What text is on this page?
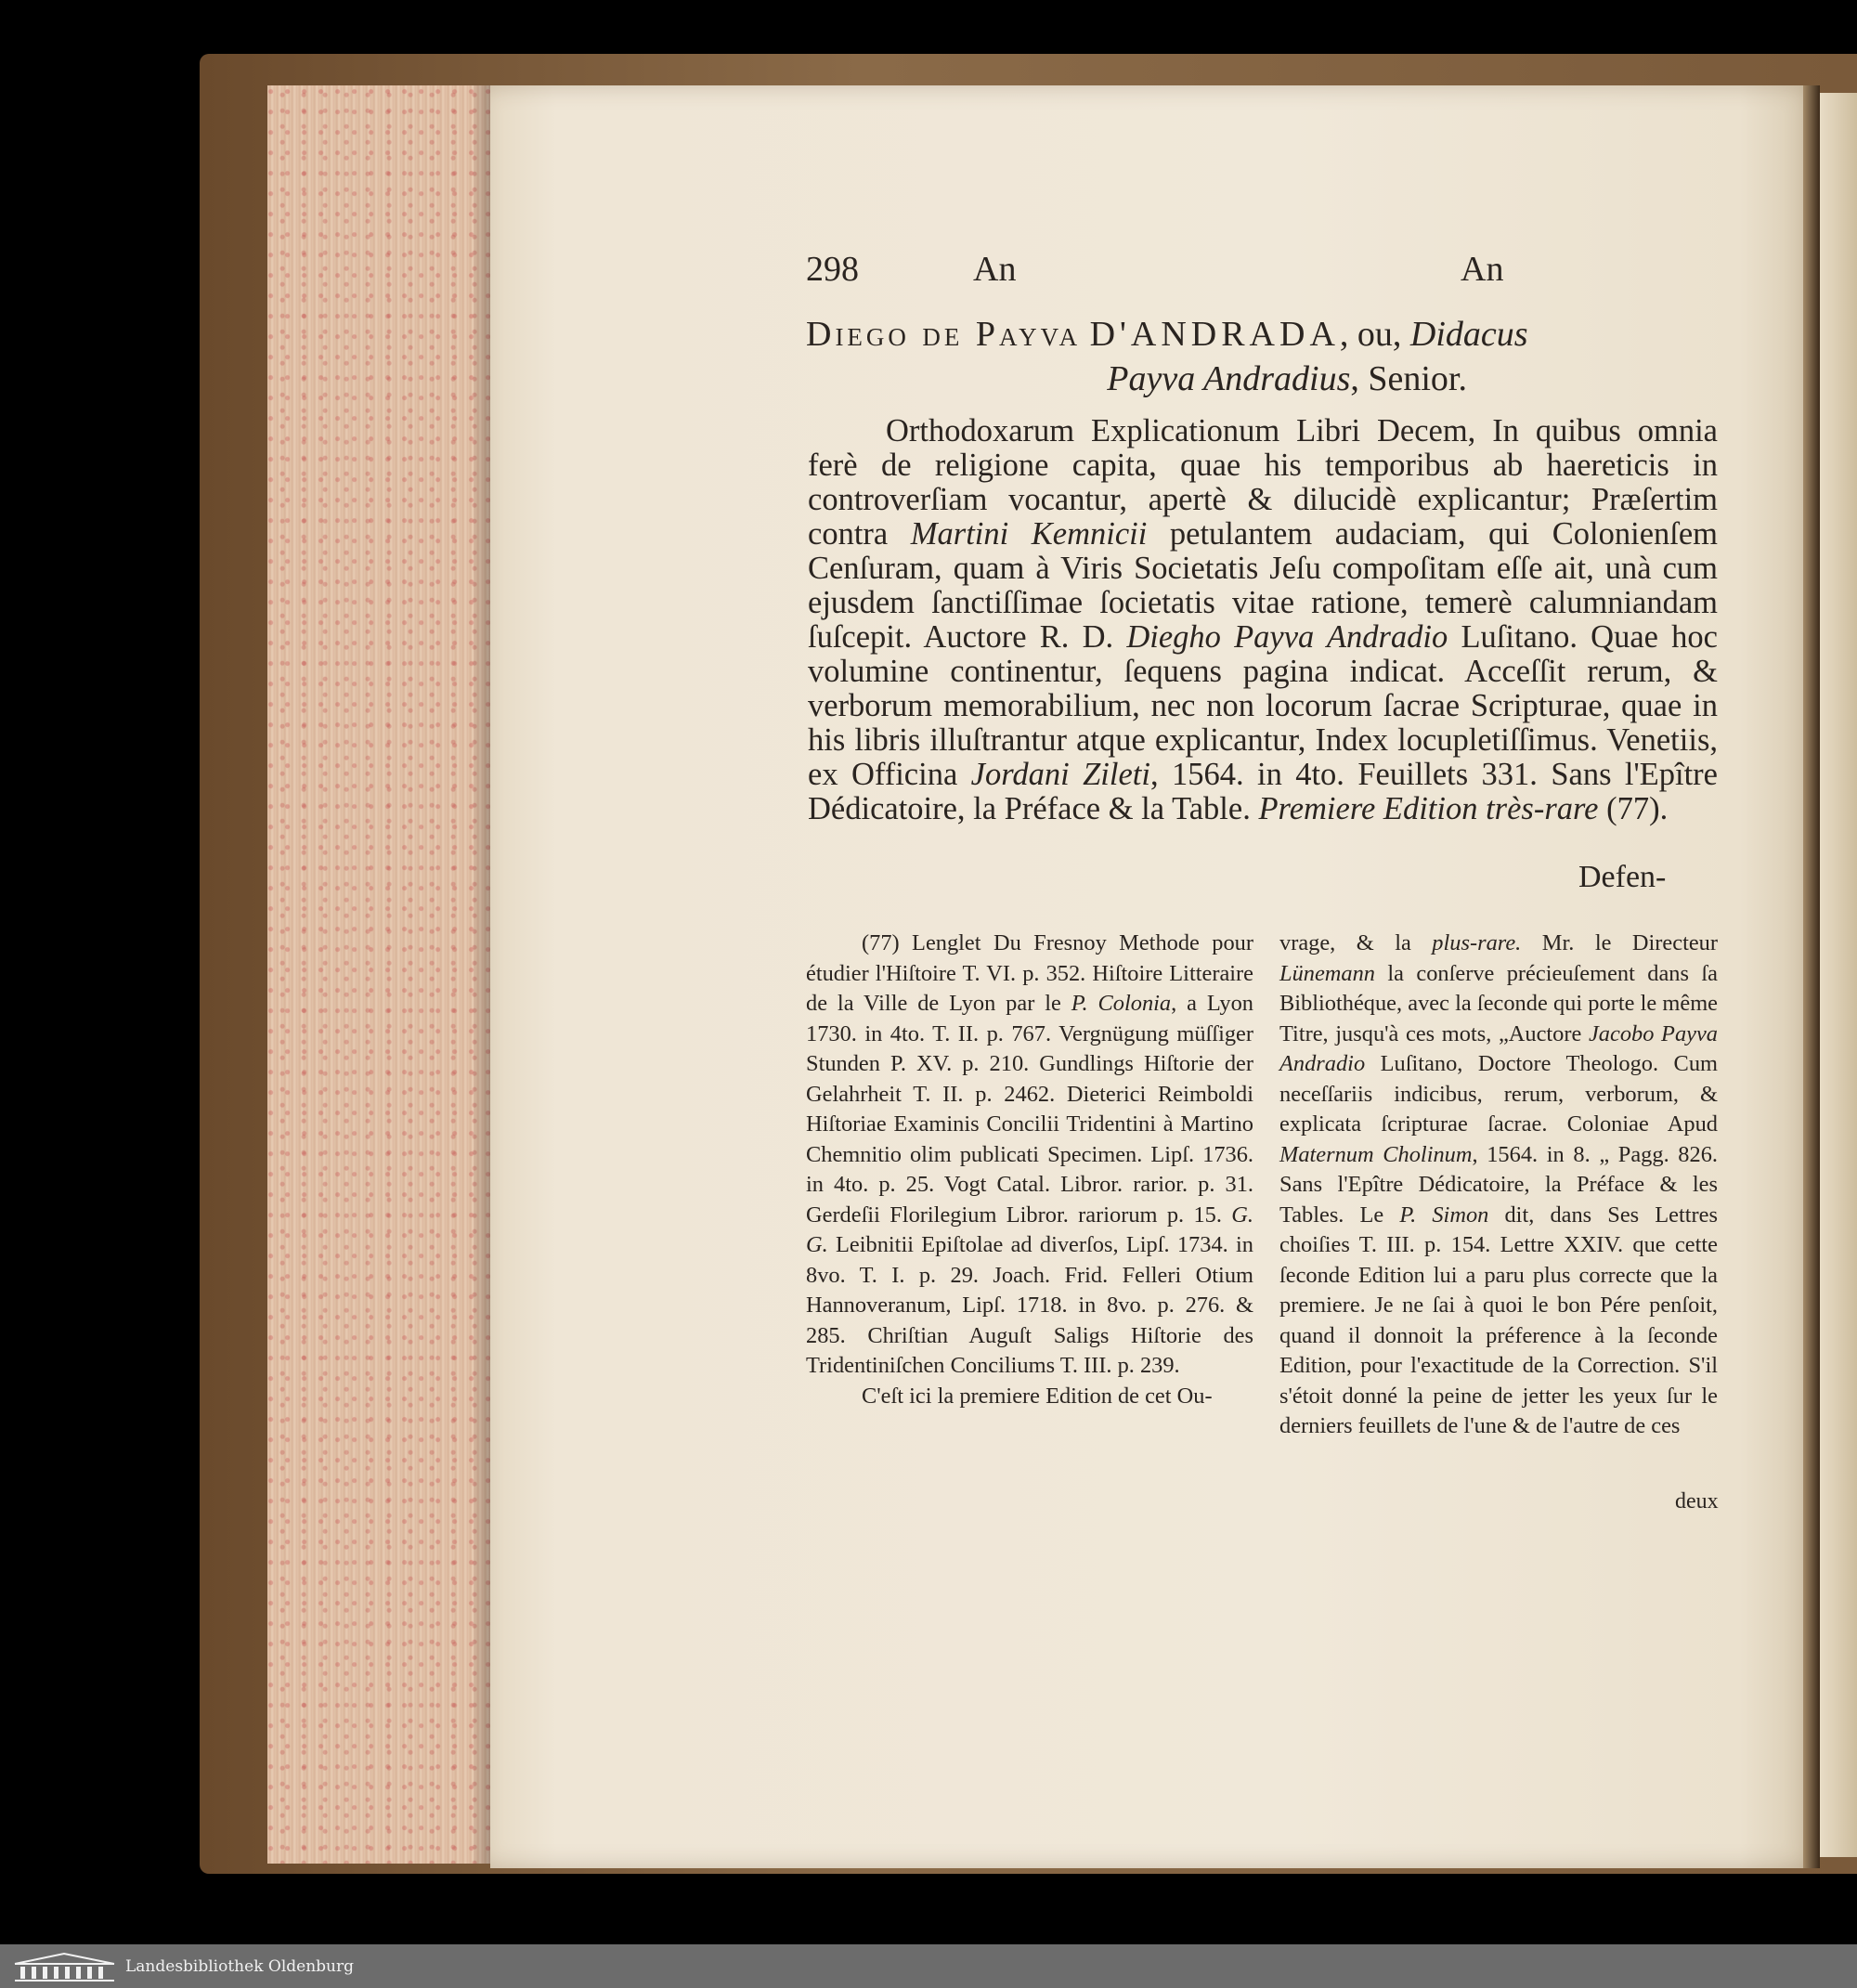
298	An	An
Diego de Payva D'ANDRADA, ou, Didacus
Payva Andradius, Senior.

Orthodoxarum Explicationum Libri Decem, In quibus omnia ferè de religione capita, quae his temporibus ab haereticis in controverſiam vocantur, apertè & dilucidè explicantur; Præſertim contra Martini Kemnicii petulantem audaciam, qui Colonienſem Cenſuram, quam à Viris Societatis Jeſu compoſitam eſſe ait, unà cum ejusdem ſanctiſſimae ſocietatis vitae ratione, temerè calumniandam ſuſcepit. Auctore R. D. Diegho Payva Andradio Luſitano. Quae hoc volumine continentur, ſequens pagina indicat. Acceſſit rerum, & verborum memorabilium, nec non locorum ſacrae Scripturae, quae in his libris illuſtrantur atque explicantur, Index locupletiſſimus. Venetiis, ex Officina Jordani Zileti, 1564. in 4to. Feuillets 331. Sans l'Epître Dédicatoire, la Préface & la Table. Premiere Edition très-rare (77).

Defen-

(77) Lenglet Du Fresnoy Methode pour étudier l'Hiſtoire T. VI. p. 352. Hiſtoire Litteraire de la Ville de Lyon par le P. Colonia, a Lyon 1730. in 4to. T. II. p. 767. Vergnügung müſſiger Stunden P. XV. p. 210. Gundlings Hiſtorie der Gelahrheit T. II. p. 2462. Dieterici Reimboldi Hiſtoriae Examinis Concilii Tridentini à Martino Chemnitio olim publicati Specimen. Lipſ. 1736. in 4to. p. 25. Vogt Catal. Libror. rarior. p. 31. Gerdeſii Florilegium Libror. rariorum p. 15. G. G. Leibnitii Epiſtolae ad diverſos, Lipſ. 1734. in 8vo. T. I. p. 29. Joach. Frid. Felleri Otium Hannoveranum, Lipſ. 1718. in 8vo. p. 276. & 285. Chriſtian Auguſt Saligs Hiſtorie des Tridentiniſchen Conciliums T. III. p. 239.

C'eſt ici la premiere Edition de cet Ou-

vrage, & la plus-rare. Mr. le Directeur Lünemann la conſerve précieuſement dans ſa Bibliothéque, avec la ſeconde qui porte le même Titre, jusqu'à ces mots, „Auctore Jacobo Payva Andradio Luſitano, Doctore Theologo. Cum neceſſariis indicibus, rerum, verborum, & explicata ſcripturae ſacrae. Coloniae Apud Maternum Cholinum, 1564. in 8. „ Pagg. 826. Sans l'Epître Dédicatoire, la Préface & les Tables. Le P. Simon dit, dans Ses Lettres choiſies T. III. p. 154. Lettre XXIV. que cette ſeconde Edition lui a paru plus correcte que la premiere. Je ne ſai à quoi le bon Pére penſoit, quand il donnoit la préference à la ſeconde Edition, pour l'exactitude de la Correction. S'il s'étoit donné la peine de jetter les yeux ſur le derniers feuillets de l'une & de l'autre de ces

deux
Landesbibliothek Oldenburg
